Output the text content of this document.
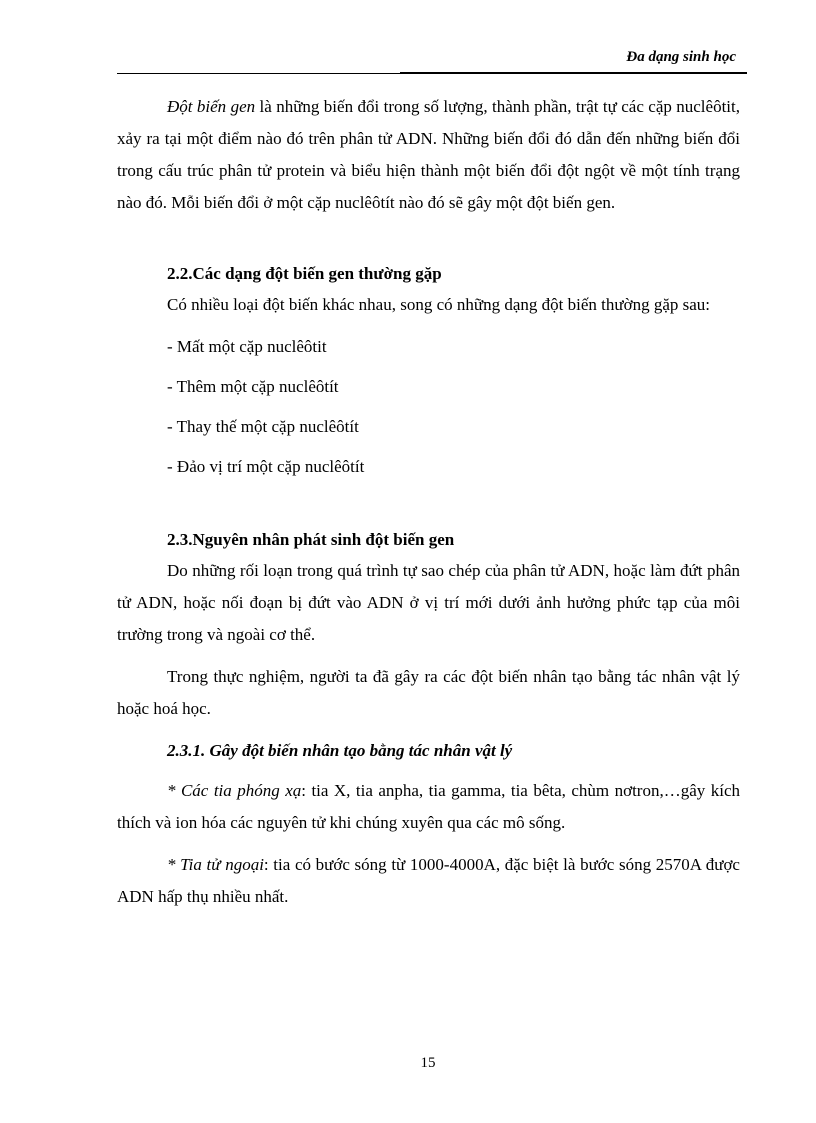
Đa dạng sinh học

Đột biến gen là những biến đổi trong số lượng, thành phần, trật tự các cặp nuclêôtit, xảy ra tại một điểm nào đó trên phân tử ADN. Những biến đổi đó dẫn đến những biến đổi trong cấu trúc phân tử protein và biểu hiện thành một biến đổi đột ngột về một tính trạng nào đó. Mỗi biến đổi ở một cặp nuclêôtít nào đó sẽ gây một đột biến gen.

2.2.Các dạng đột biến gen thường gặp

Có nhiều loại đột biến khác nhau, song có những dạng đột biến thường gặp sau:

- Mất một cặp nuclêôtit
- Thêm một cặp nuclêôtít
- Thay thế một cặp nuclêôtít
- Đảo vị trí một cặp nuclêôtít
2.3.Nguyên nhân phát sinh đột biến gen

Do những rối loạn trong quá trình tự sao chép của phân tử ADN, hoặc làm đứt phân tử ADN, hoặc nối đoạn bị đứt vào ADN ở vị trí mới dưới ảnh hưởng phức tạp của môi trường trong và ngoài cơ thể.

Trong thực nghiệm, người ta đã gây ra các đột biến nhân tạo bằng tác nhân vật lý hoặc hoá học.

2.3.1. Gây đột biến nhân tạo bằng tác nhân vật lý

* Các tia phóng xạ: tia X, tia anpha, tia gamma, tia bêta, chùm nơtron,…gây kích thích và ion hóa các nguyên tử khi chúng xuyên qua các mô sống.

* Tia tử ngoại: tia có bước sóng từ 1000-4000A, đặc biệt là bước sóng 2570A được ADN hấp thụ nhiều nhất.

15
